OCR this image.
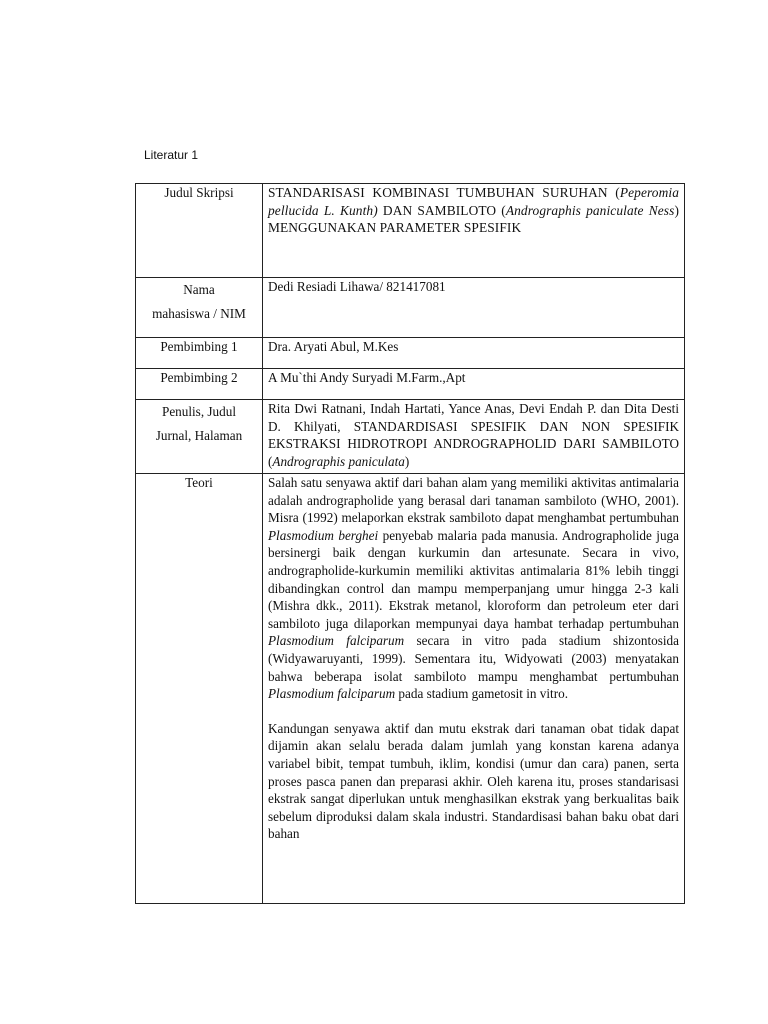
Literatur 1

Judul Skripsi	STANDARISASI KOMBINASI TUMBUHAN SURUHAN (Peperomia pellucida L. Kunth) DAN SAMBILOTO (Andrographis paniculate Ness) MENGGUNAKAN PARAMETER SPESIFIK

Nama
mahasiswa / NIM	Dedi Resiadi Lihawa/ 821417081
Pembimbing 1	Dra. Aryati Abul, M.Kes
Pembimbing 2	A Mu`thi Andy Suryadi M.Farm.,Apt

Penulis, Judul
Jurnal, Halaman	Rita Dwi Ratnani, Indah Hartati, Yance Anas, Devi Endah P. dan Dita Desti D. Khilyati, STANDARDISASI SPESIFIK DAN NON SPESIFIK EKSTRAKSI HIDROTROPI ANDROGRAPHOLID DARI SAMBILOTO (Andrographis paniculata)
Teori	Salah satu senyawa aktif dari bahan alam yang memiliki aktivitas antimalaria adalah andrographolide yang berasal dari tanaman sambiloto (WHO, 2001). Misra (1992) melaporkan ekstrak sambiloto dapat menghambat pertumbuhan Plasmodium berghei penyebab malaria pada manusia. Andrographolide juga bersinergi baik dengan kurkumin dan artesunate. Secara in vivo, andrographolide-kurkumin memiliki aktivitas antimalaria 81% lebih tinggi dibandingkan control dan mampu memperpanjang umur hingga 2-3 kali (Mishra dkk., 2011). Ekstrak metanol, kloroform dan petroleum eter dari sambiloto juga dilaporkan mempunyai daya hambat terhadap pertumbuhan Plasmodium falciparum secara in vitro pada stadium shizontosida (Widyawaruyanti, 1999). Sementara itu, Widyowati (2003) menyatakan bahwa beberapa isolat sambiloto mampu menghambat pertumbuhan Plasmodium falciparum pada stadium gametosit in vitro.

Kandungan senyawa aktif dan mutu ekstrak dari tanaman obat tidak dapat dijamin akan selalu berada dalam jumlah yang konstan karena adanya variabel bibit, tempat tumbuh, iklim, kondisi (umur dan cara) panen, serta proses pasca panen dan preparasi akhir. Oleh karena itu, proses standarisasi ekstrak sangat diperlukan untuk menghasilkan ekstrak yang berkualitas baik sebelum diproduksi dalam skala industri. Standardisasi bahan baku obat dari bahan
